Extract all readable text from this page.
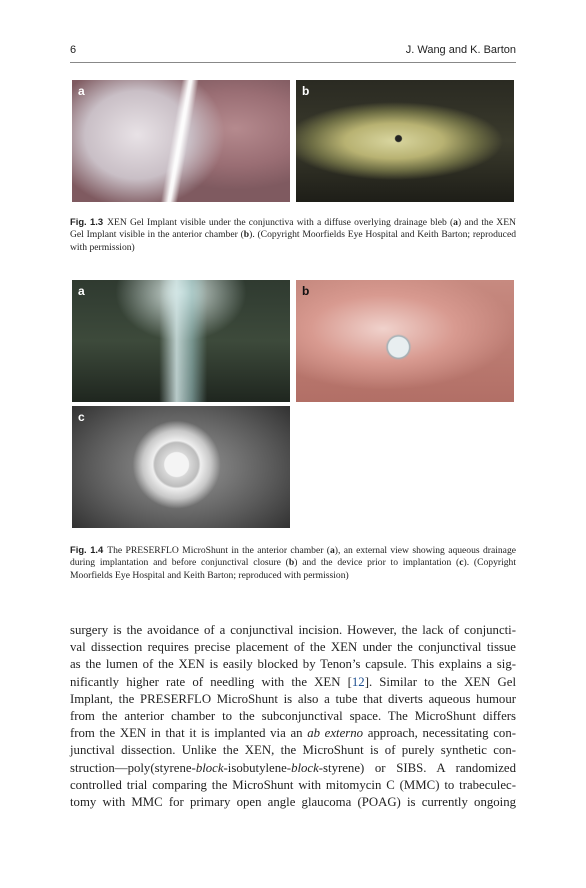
6	J. Wang and K. Barton
a	b
Fig. 1.3 XEN Gel Implant visible under the conjunctiva with a diffuse overlying drainage bleb (a) and the XEN Gel Implant visible in the anterior chamber (b). (Copyright Moorfields Eye Hospital and Keith Barton; reproduced with permission)
a	b
c
Fig. 1.4 The PRESERFLO MicroShunt in the anterior chamber (a), an external view showing aqueous drainage during implantation and before conjunctival closure (b) and the device prior to implantation (c). (Copyright Moorfields Eye Hospital and Keith Barton; reproduced with permission)
surgery is the avoidance of a conjunctival incision. However, the lack of conjuncti-
val dissection requires precise placement of the XEN under the conjunctival tissue
as the lumen of the XEN is easily blocked by Tenon’s capsule. This explains a sig-
nificantly higher rate of needling with the XEN [12]. Similar to the XEN Gel
Implant, the PRESERFLO MicroShunt is also a tube that diverts aqueous humour
from the anterior chamber to the subconjunctival space. The MicroShunt differs
from the XEN in that it is implanted via an ab externo approach, necessitating con-
junctival dissection. Unlike the XEN, the MicroShunt is of purely synthetic con-
struction—poly(styrene-block-isobutylene-block-styrene) or SIBS. A randomized
controlled trial comparing the MicroShunt with mitomycin C (MMC) to trabeculec-
tomy with MMC for primary open angle glaucoma (POAG) is currently ongoing
